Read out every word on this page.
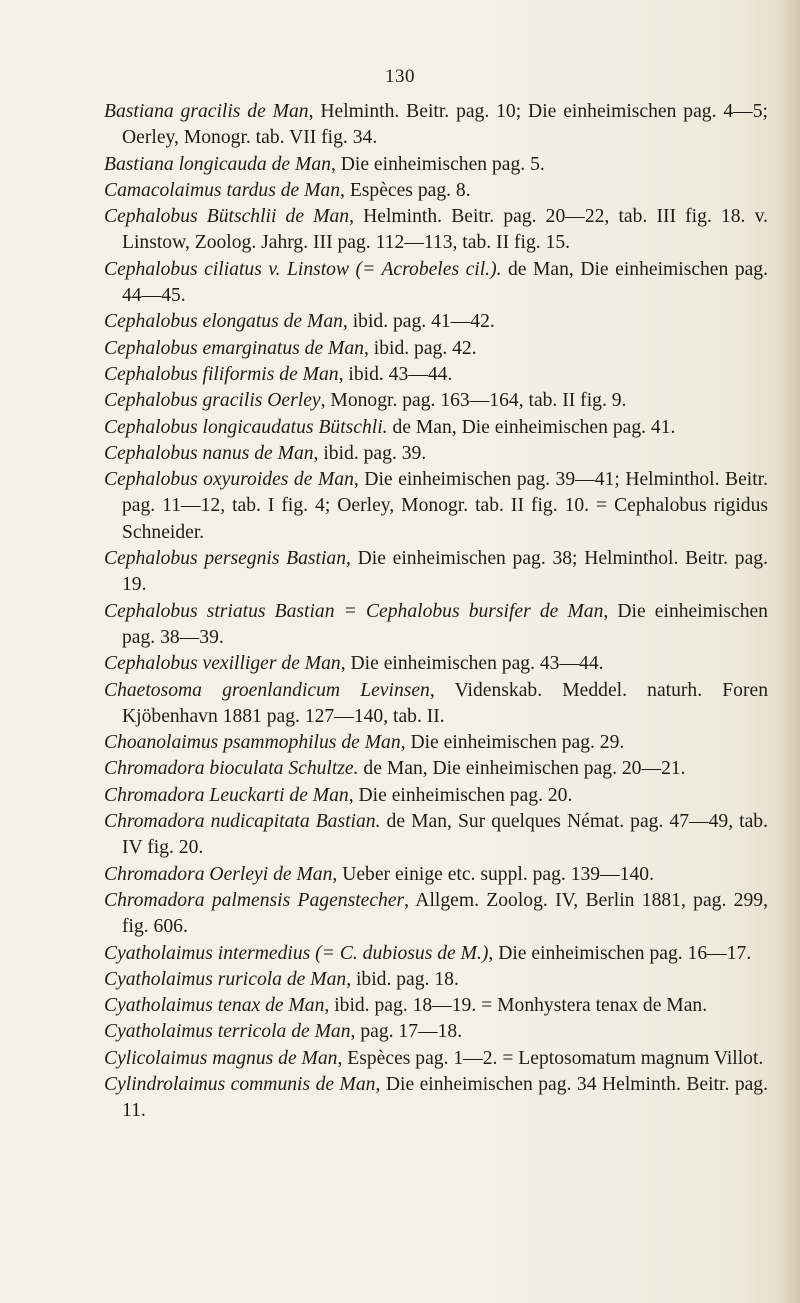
130
Bastiana gracilis de Man, Helminth. Beitr. pag. 10; Die einheimischen pag. 4—5; Oerley, Monogr. tab. VII fig. 34.
Bastiana longicauda de Man, Die einheimischen pag. 5.
Camacolaimus tardus de Man, Espèces pag. 8.
Cephalobus Bütschlii de Man, Helminth. Beitr. pag. 20—22, tab. III fig. 18. v. Linstow, Zoolog. Jahrg. III pag. 112—113, tab. II fig. 15.
Cephalobus ciliatus v. Linstow (= Acrobeles cil.). de Man, Die einheimischen pag. 44—45.
Cephalobus elongatus de Man, ibid. pag. 41—42.
Cephalobus emarginatus de Man, ibid. pag. 42.
Cephalobus filiformis de Man, ibid. 43—44.
Cephalobus gracilis Oerley, Monogr. pag. 163—164, tab. II fig. 9.
Cephalobus longicaudatus Bütschli. de Man, Die einheimischen pag. 41.
Cephalobus nanus de Man, ibid. pag. 39.
Cephalobus oxyuroides de Man, Die einheimischen pag. 39—41; Helminthol. Beitr. pag. 11—12, tab. I fig. 4; Oerley, Monogr. tab. II fig. 10. = Cephalobus rigidus Schneider.
Cephalobus persegnis Bastian, Die einheimischen pag. 38; Helminthol. Beitr. pag. 19.
Cephalobus striatus Bastian = Cephalobus bursifer de Man, Die einheimischen pag. 38—39.
Cephalobus vexilliger de Man, Die einheimischen pag. 43—44.
Chaetosoma groenlandicum Levinsen, Videnskab. Meddel. naturh. Foren Kjöbenhavn 1881 pag. 127—140, tab. II.
Choanolaimus psammophilus de Man, Die einheimischen pag. 29.
Chromadora bioculata Schultze. de Man, Die einheimischen pag. 20—21.
Chromadora Leuckarti de Man, Die einheimischen pag. 20.
Chromadora nudicapitata Bastian. de Man, Sur quelques Némat. pag. 47—49, tab. IV fig. 20.
Chromadora Oerleyi de Man, Ueber einige etc. suppl. pag. 139—140.
Chromadora palmensis Pagenstecher, Allgem. Zoolog. IV, Berlin 1881, pag. 299, fig. 606.
Cyatholaimus intermedius (= C. dubiosus de M.), Die einheimischen pag. 16—17.
Cyatholaimus ruricola de Man, ibid. pag. 18.
Cyatholaimus tenax de Man, ibid. pag. 18—19. = Monhystera tenax de Man.
Cyatholaimus terricola de Man, pag. 17—18.
Cylicolaimus magnus de Man, Espèces pag. 1—2. = Leptosomatum magnum Villot.
Cylindrolaimus communis de Man, Die einheimischen pag. 34 Helminth. Beitr. pag. 11.
